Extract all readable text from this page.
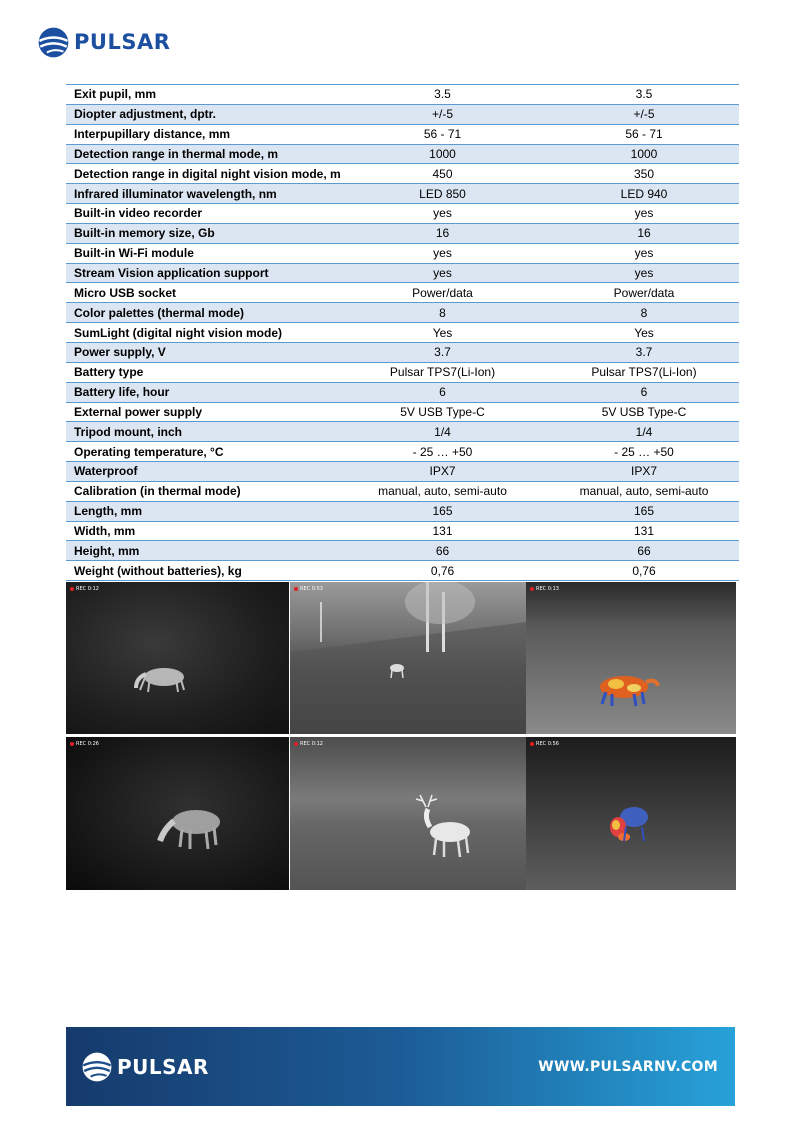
PULSAR
Exit pupil, mm	3.5	3.5
Diopter adjustment, dptr.	+/-5	+/-5
Interpupillary distance, mm	56 - 71	56 - 71
Detection range in thermal mode, m	1000	1000
Detection range in digital night vision mode, m	450	350
Infrared illuminator wavelength, nm	LED 850	LED 940
Built-in video recorder	yes	yes
Built-in memory size, Gb	16	16
Built-in Wi-Fi module	yes	yes
Stream Vision application support	yes	yes
Micro USB socket	Power/data	Power/data
Color palettes (thermal mode)	8	8
SumLight (digital night vision mode)	Yes	Yes
Power supply, V	3.7	3.7
Battery type	Pulsar TPS7(Li-Ion)	Pulsar TPS7(Li-Ion)
Battery life, hour	6	6
External power supply	5V USB Type-C	5V USB Type-C
Tripod mount, inch	1/4	1/4
Operating temperature, °C	- 25 … +50	- 25 … +50
Waterproof	IPX7	IPX7
Calibration (in thermal mode)	manual, auto, semi-auto	manual, auto, semi-auto
Length, mm	165	165
Width, mm	131	131
Height, mm	66	66
Weight (without batteries), kg	0,76	0,76
REC 0:12	REC 0:53	REC 0:13
REC 0:26	REC 0:12	REC 0:56
PULSAR	WWW.PULSARNV.COM
